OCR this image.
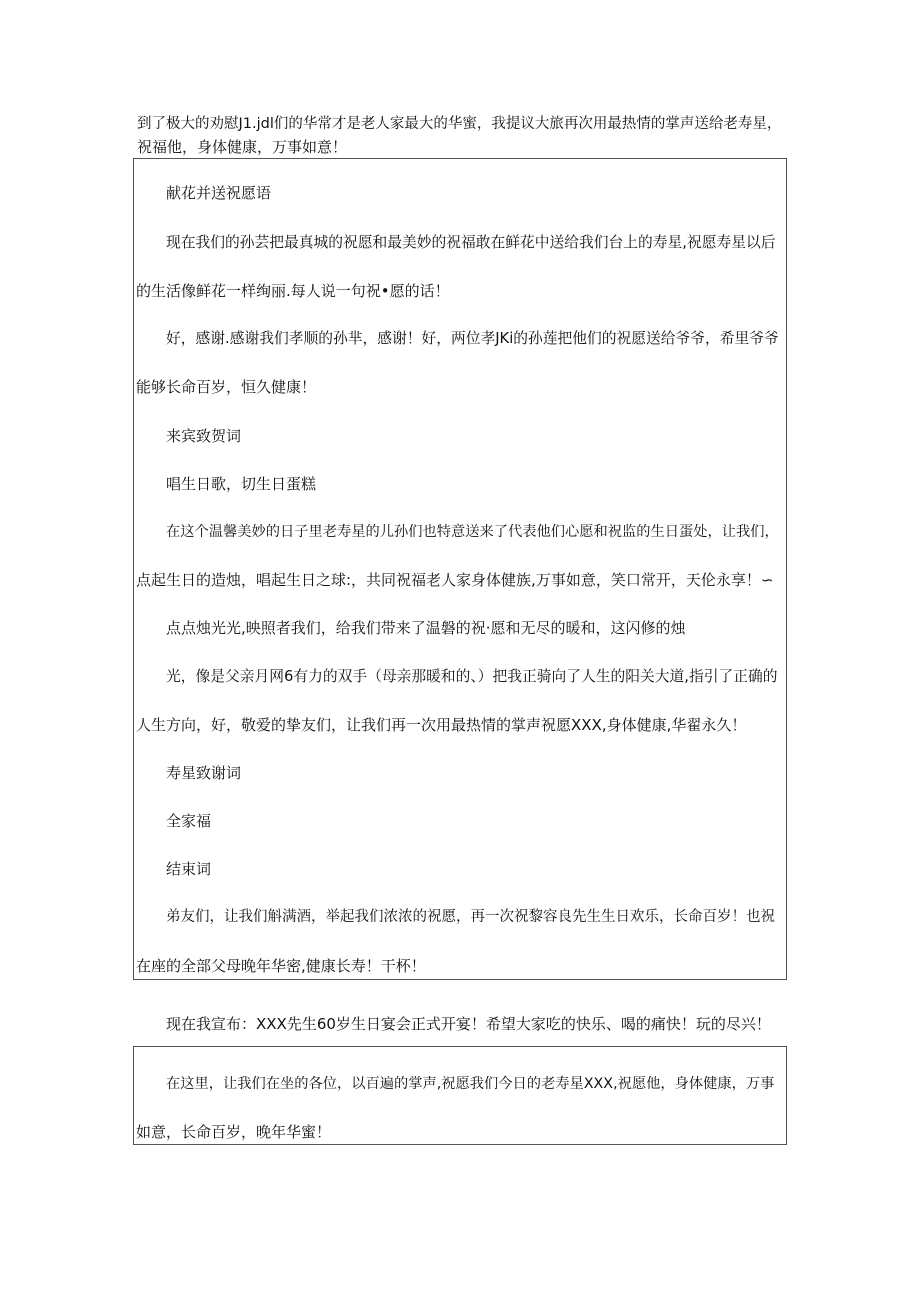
到了极大的劝慰J1.jdl们的华常才是老人家最大的华蜜，我提议大旅再次用最热情的掌声送给老寿星，
祝福他，身体健康，万事如意！
献花并送祝愿语
现在我们的孙芸把最真城的祝愿和最美妙的祝福敢在鲜花中送给我们台上的寿星,祝愿寿星以后
的生活像鲜花一样绚丽.每人说一句祝•愿的话！
好，感谢.感谢我们孝顺的孙芈，感谢！好，两位孝JKi的孙莲把他们的祝愿送给爷爷，希里爷爷
能够长命百岁，恒久健康！
来宾致贺词
唱生日歌，切生日蛋糕
在这个温馨美妙的日子里老寿星的儿孙们也特意送来了代表他们心愿和祝监的生日蛋处，让我们，
点起生日的造烛，唱起生日之球:，共同祝福老人家身体健族,万事如意，笑口常开，天伦永享！∽
点点烛光光,映照者我们，给我们带来了温磐的祝·愿和无尽的暖和，这闪修的烛
光，像是父亲月网6有力的双手（母亲那暖和的、）把我正骑向了人生的阳关大道,指引了正确的
人生方向，好，敬爱的挚友们，让我们再一次用最热情的掌声祝愿XXX,身体健康,华翟永久！
寿星致谢词
全家福
结束词
弟友们，让我们斛满酒，举起我们浓浓的祝愿，再一次祝黎容良先生生日欢乐，长命百岁！也祝
在座的全部父母晚年华密,健康长寿！干杯！
现在我宣布：XXX先生60岁生日宴会正式开宴！希望大家吃的快乐、喝的痛快！玩的尽兴！
在这里，让我们在坐的各位，以百遍的掌声,祝愿我们今日的老寿星XXX,祝愿他，身体健康，万事
如意，长命百岁，晚年华蜜！
